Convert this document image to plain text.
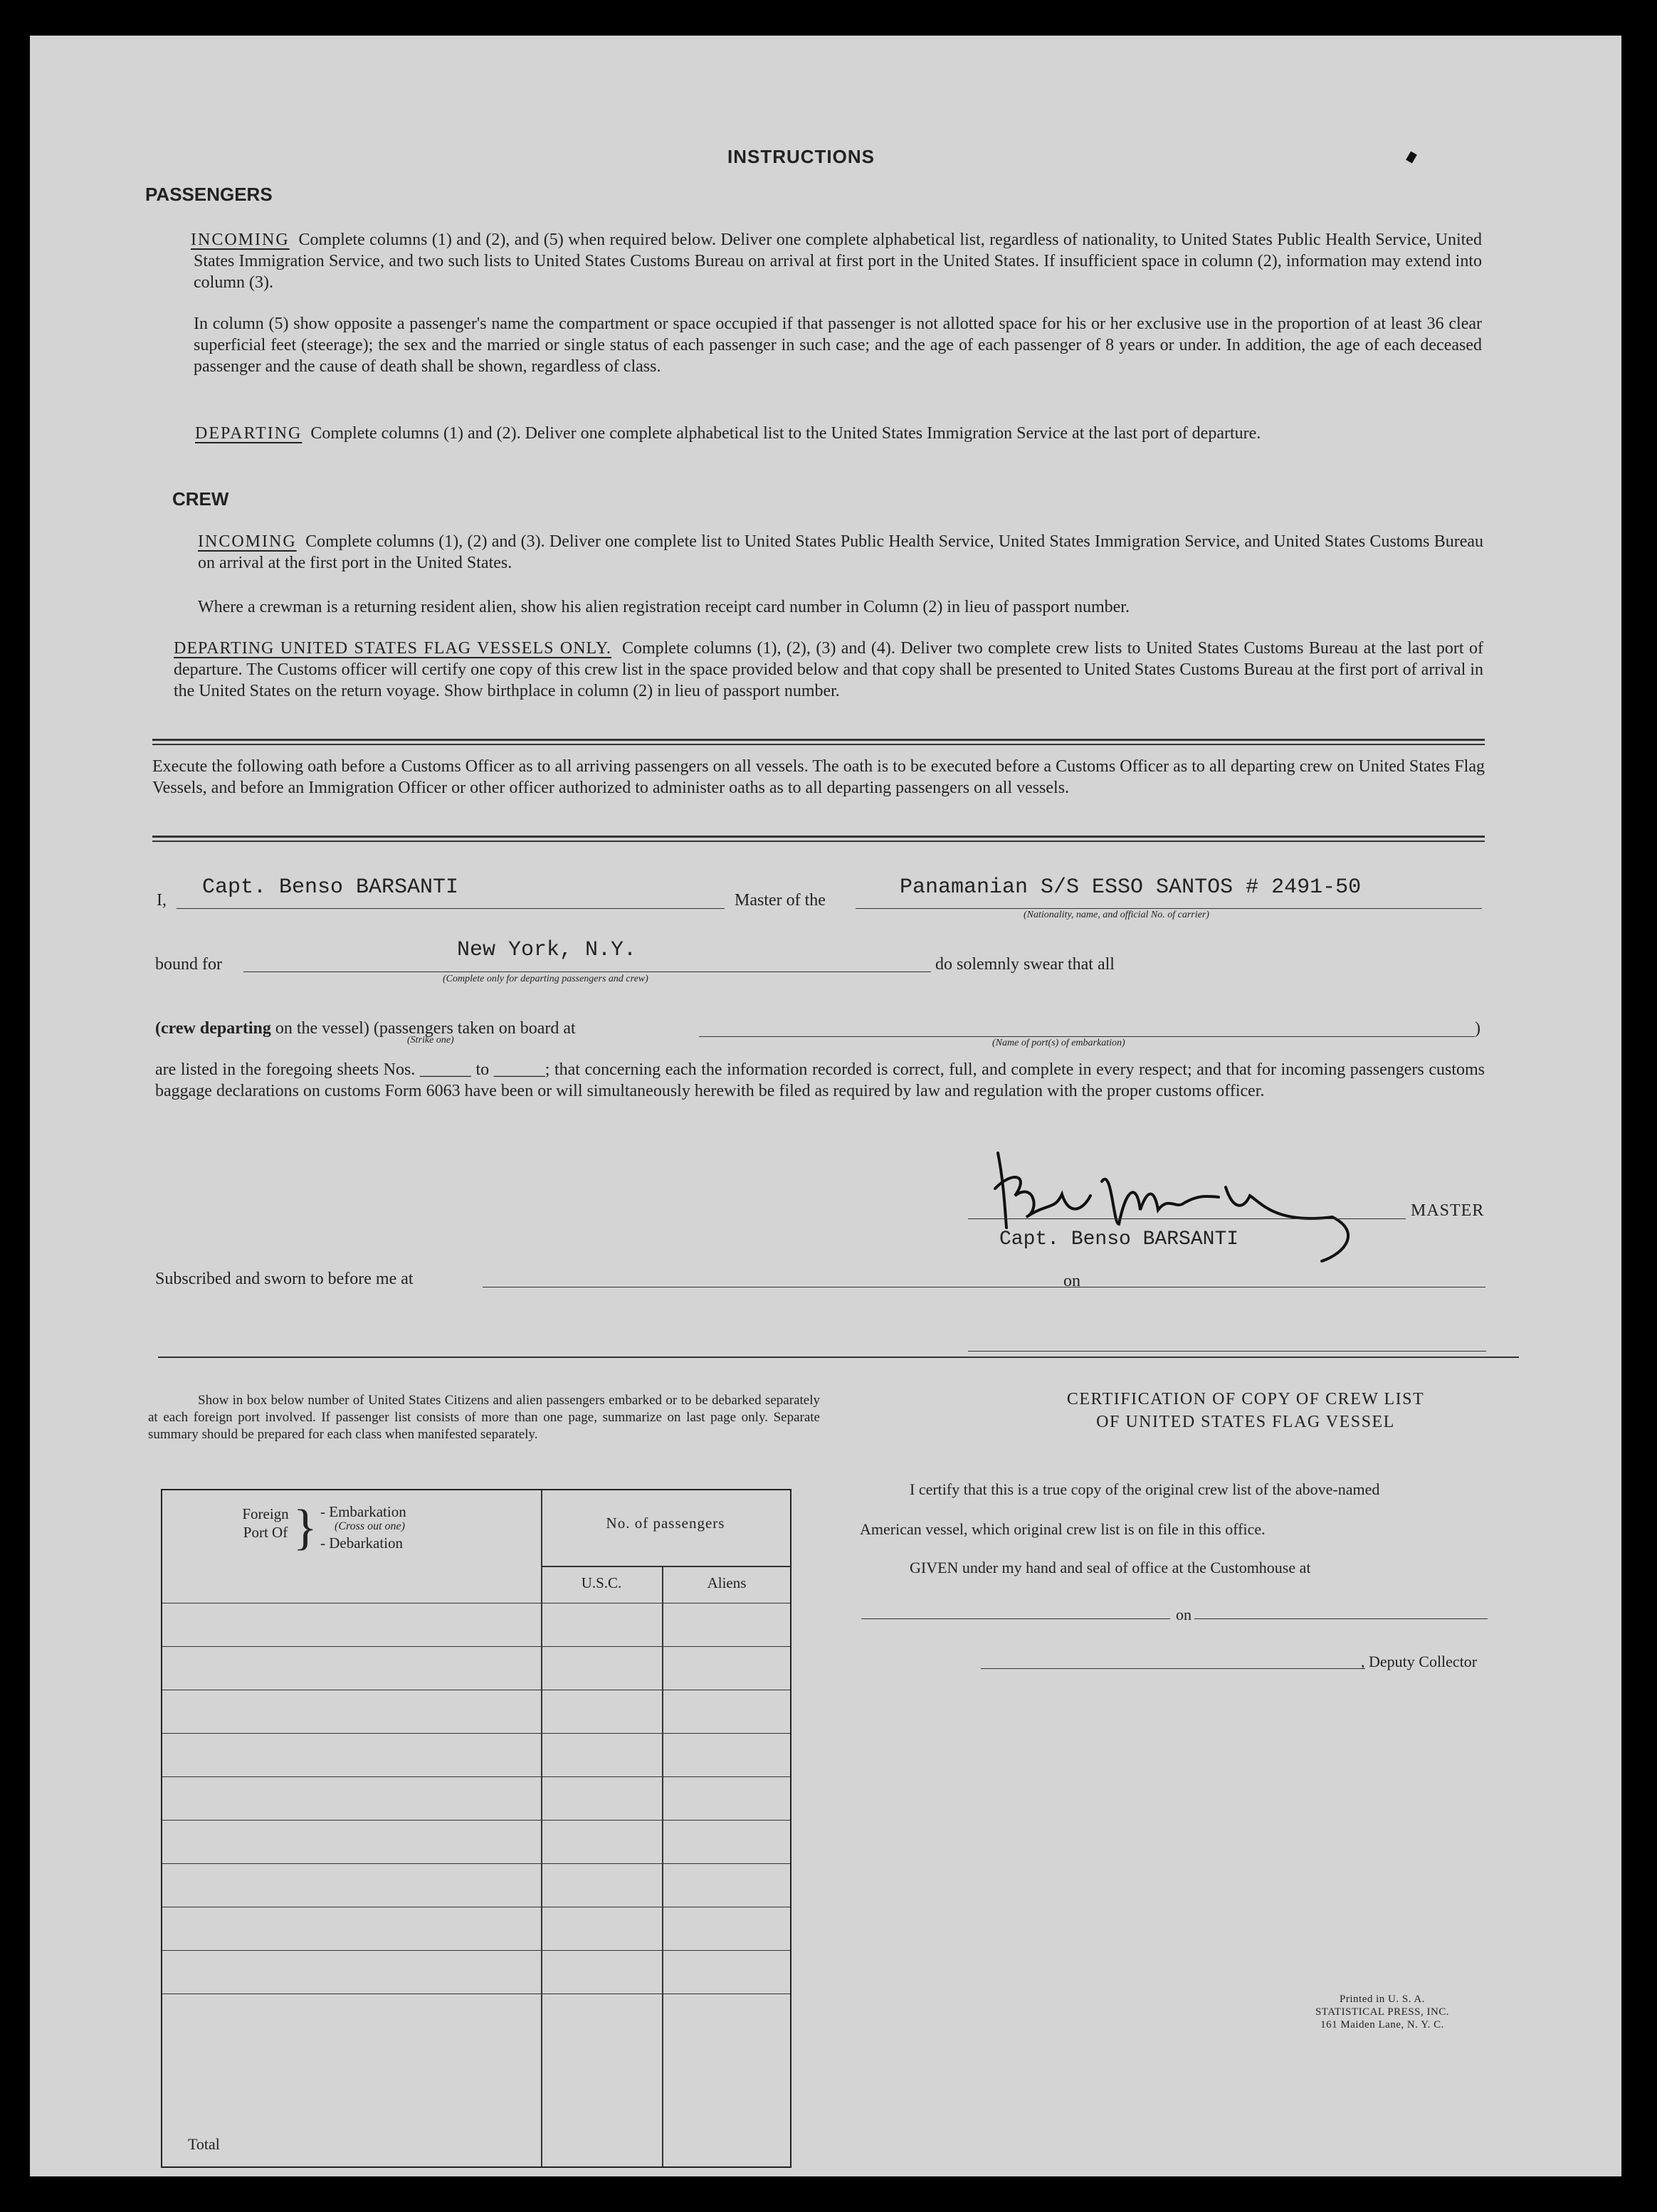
INSTRUCTIONS
PASSENGERS
INCOMING Complete columns (1) and (2), and (5) when required below. Deliver one complete alphabetical list, regardless of nationality, to United States Public Health Service, United States Immigration Service, and two such lists to United States Customs Bureau on arrival at first port in the United States. If insufficient space in column (2), information may extend into column (3).
In column (5) show opposite a passenger's name the compartment or space occupied if that passenger is not allotted space for his or her exclusive use in the proportion of at least 36 clear superficial feet (steerage); the sex and the married or single status of each passenger in such case; and the age of each passenger of 8 years or under. In addition, the age of each deceased passenger and the cause of death shall be shown, regardless of class.
DEPARTING Complete columns (1) and (2). Deliver one complete alphabetical list to the United States Immigration Service at the last port of departure.
CREW
INCOMING Complete columns (1), (2) and (3). Deliver one complete list to United States Public Health Service, United States Immigration Service, and United States Customs Bureau on arrival at the first port in the United States.
Where a crewman is a returning resident alien, show his alien registration receipt card number in Column (2) in lieu of passport number.
DEPARTING UNITED STATES FLAG VESSELS ONLY. Complete columns (1), (2), (3) and (4). Deliver two complete crew lists to United States Customs Bureau at the last port of departure. The Customs officer will certify one copy of this crew list in the space provided below and that copy shall be presented to United States Customs Bureau at the first port of arrival in the United States on the return voyage. Show birthplace in column (2) in lieu of passport number.
Execute the following oath before a Customs Officer as to all arriving passengers on all vessels. The oath is to be executed before a Customs Officer as to all departing crew on United States Flag Vessels, and before an Immigration Officer or other officer authorized to administer oaths as to all departing passengers on all vessels.
I,
Capt. Benso BARSANTI
Master of the
Panamanian S/S ESSO SANTOS # 2491-50
(Nationality, name, and official No. of carrier)
bound for
New York, N.Y.
(Complete only for departing passengers and crew)
do solemnly swear that all
(crew departing on the vessel) (passengers taken on board at	)
(Strike one)	(Name of port(s) of embarkation)
are listed in the foregoing sheets Nos. ______ to ______; that concerning each the information recorded is correct, full, and complete in every respect; and that for incoming passengers customs baggage declarations on customs Form 6063 have been or will simultaneously herewith be filed as required by law and regulation with the proper customs officer.
MASTER
Capt. Benso BARSANTI
Subscribed and sworn to before me at	on
Show in box below number of United States Citizens and alien passengers embarked or to be debarked separately at each foreign port involved. If passenger list consists of more than one page, summarize on last page only. Separate summary should be prepared for each class when manifested separately.
Foreign Port Of } - Embarkation
(Cross out one)
- Debarkation
No. of passengers
U.S.C.	Aliens
Total
CERTIFICATION OF COPY OF CREW LIST
OF UNITED STATES FLAG VESSEL
I certify that this is a true copy of the original crew list of the above-named
American vessel, which original crew list is on file in this office.
GIVEN under my hand and seal of office at the Customhouse at
on
, Deputy Collector
Printed in U. S. A.
STATISTICAL PRESS, INC.
161 Maiden Lane, N. Y. C.
